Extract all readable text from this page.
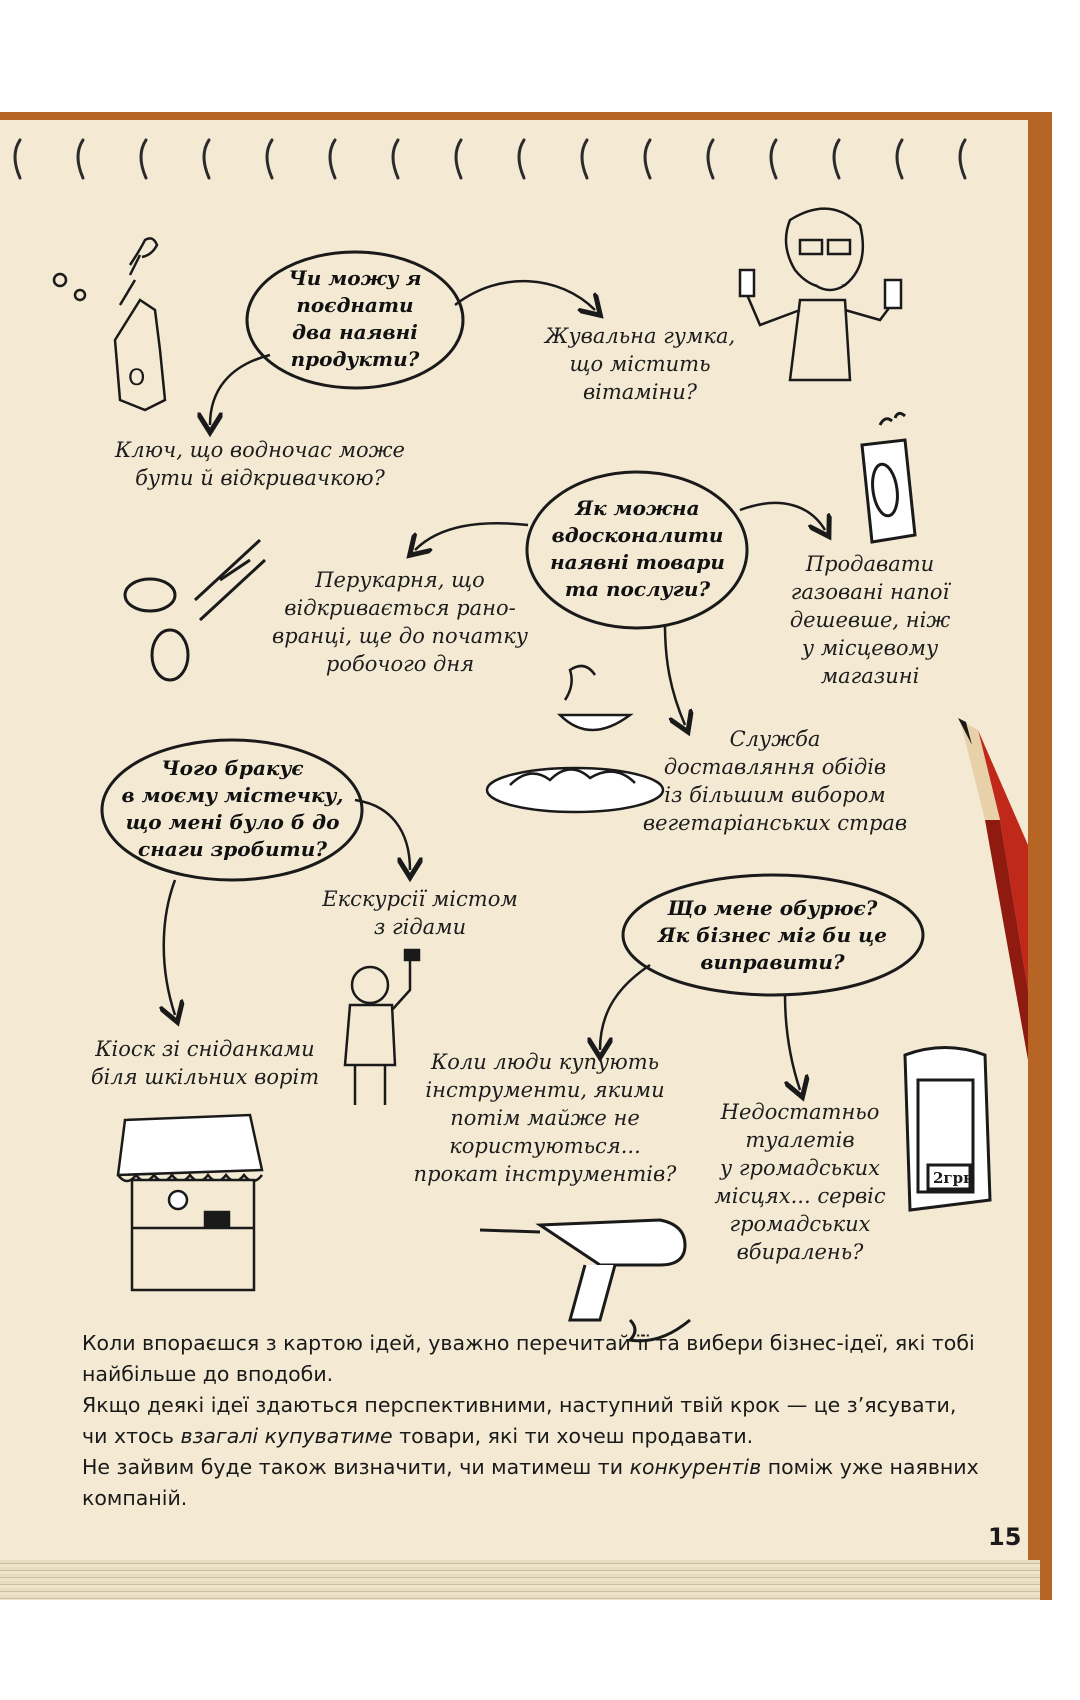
O
2грн
Чи можу я
поєднати
два наявні
продукти?
Як можна
вдосконалити
наявні товари
та послуги?
Чого бракує
в моєму містечку,
що мені було б до
снаги зробити?
Що мене обурює?
Як бізнес міг би це
виправити?
Жувальна гумка,
що містить
вітаміни?
Ключ, що водночас може
бути й відкривачкою?
Перукарня, що
відкривається рано-
вранці, ще до початку
робочого дня
Продавати
газовані напої
дешевше, ніж
у місцевому
магазині
Служба
доставляння обідів
із більшим вибором
вегетаріанських страв
Екскурсії містом
з гідами
Кіоск зі сніданками
біля шкільних воріт
Коли люди купують
інструменти, якими
потім майже не
користуються...
прокат інструментів?
Недостатньо
туалетів
у громадських
місцях... сервіс
громадських
вбиралень?

Коли впораєшся з картою ідей, уважно перечитай її та вибери бізнес-ідеї, які тобі найбільше до вподоби.

Якщо деякі ідеї здаються перспективними, наступний твій крок — це з’ясувати, чи хтось взагалі купуватиме товари, які ти хочеш продавати.

Не зайвим буде також визначити, чи матимеш ти конкурентів поміж уже наявних компаній.

15
